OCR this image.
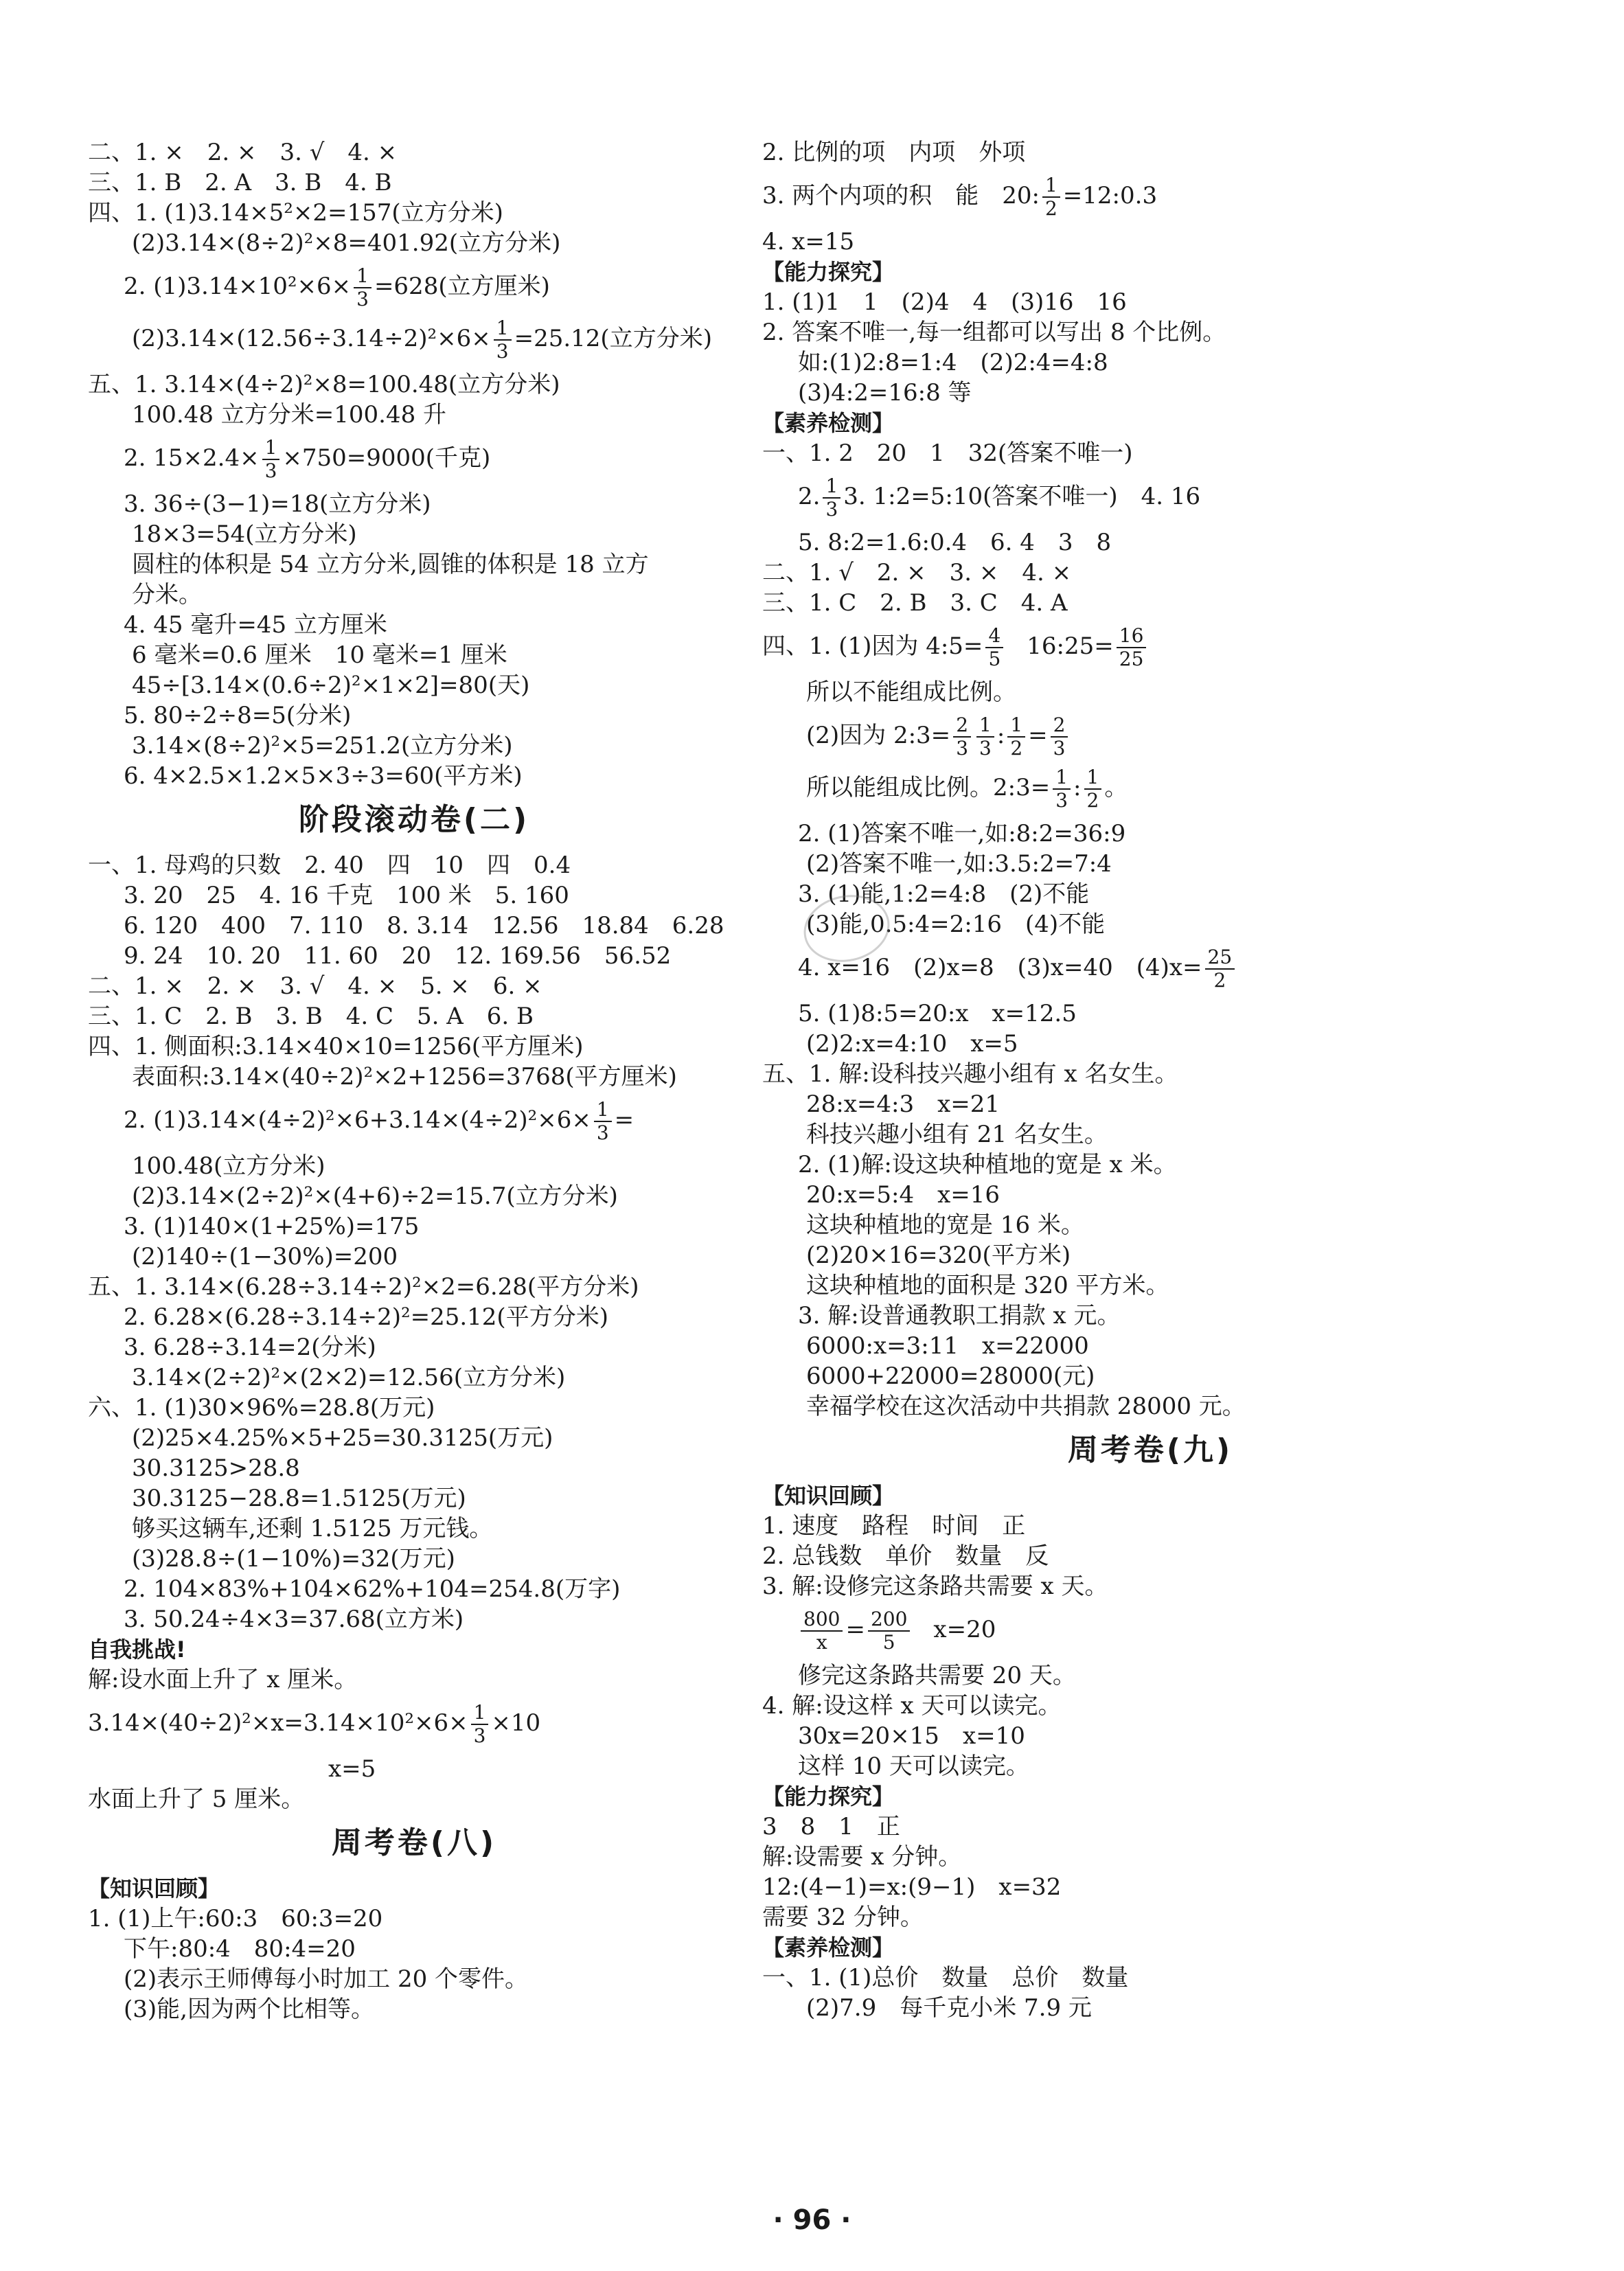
二、1. ×　2. ×　3. √　4. ×
三、1. B　2. A　3. B　4. B
四、1. (1)3.14×5²×2=157(立方分米)
(2)3.14×(8÷2)²×8=401.92(立方分米)
2. $(1)3.14\times 10^2\times 6\times \frac{1}{3} =628$(立方厘米)
$(2)3.14\times(12.56\div 3.14\div 2)^2\times 6\times \frac{1}{3} =25.12$(立方分米)
五、1. 3.14×(4÷2)²×8=100.48(立方分米)
100.48 立方分米=100.48 升
2. $15\times 2.4\times \frac{1}{3} \times 750=9000$(千克)
3. 36÷(3−1)=18(立方分米)
18×3=54(立方分米)
圆柱的体积是 54 立方分米,圆锥的体积是 18 立方
分米。
4. 45 毫升=45 立方厘米
6 毫米=0.6 厘米　10 毫米=1 厘米
45÷[3.14×(0.6÷2)²×1×2]=80(天)
5. 80÷2÷8=5(分米)
3.14×(8÷2)²×5=251.2(立方分米)
6. 4×2.5×1.2×5×3÷3=60(平方米)
阶段滚动卷(二)
一、1. 母鸡的只数　2. 40　四　10　四　0.4
3. 20　25　4. 16 千克　100 米　5. 160
6. 120　400　7. 110　8. 3.14　12.56　18.84　6.28
9. 24　10. 20　11. 60　20　12. 169.56　56.52
二、1. ×　2. ×　3. √　4. ×　5. ×　6. ×
三、1. C　2. B　3. B　4. C　5. A　6. B
四、1. 侧面积:3.14×40×10=1256(平方厘米)
表面积:3.14×(40÷2)²×2+1256=3768(平方厘米)
2. $(1)3.14\times(4\div 2)^2\times 6+3.14\times(4\div 2)^2\times 6\times \frac{1}{3}$ =
100.48(立方分米)
(2)3.14×(2÷2)²×(4+6)÷2=15.7(立方分米)
3. (1)140×(1+25%)=175
(2)140÷(1−30%)=200
五、1. 3.14×(6.28÷3.14÷2)²×2=6.28(平方分米)
2. 6.28×(6.28÷3.14÷2)²=25.12(平方分米)
3. 6.28÷3.14=2(分米)
3.14×(2÷2)²×(2×2)=12.56(立方分米)
六、1. (1)30×96%=28.8(万元)
(2)25×4.25%×5+25=30.3125(万元)
30.3125>28.8
30.3125−28.8=1.5125(万元)
够买这辆车,还剩 1.5125 万元钱。
(3)28.8÷(1−10%)=32(万元)
2. 104×83%+104×62%+104=254.8(万字)
3. 50.24÷4×3=37.68(立方米)
自我挑战!
解:设水面上升了 x 厘米。
$3.14\times(40\div 2)^2\times x=3.14\times 10^2\times 6\times \frac{1}{3} \times 10$
x=5
水面上升了 5 厘米。
周考卷(八)
【知识回顾】
1. (1)上午:60:3　60:3=20
下午:80:4　80:4=20
(2)表示王师傅每小时加工 20 个零件。
(3)能,因为两个比相等。
2. 比例的项　内项　外项
3. 两个内项的积　能　20: $\frac{1}{2}$ =12:0.3
4. x=15
【能力探究】
1. (1)1　1　(2)4　4　(3)16　16
2. 答案不唯一,每一组都可以写出 8 个比例。
如:(1)2:8=1:4　(2)2:4=4:8
(3)4:2=16:8 等
【素养检测】
一、1. 2　20　1　32(答案不唯一)
2. $\frac{1}{3} 3$. 1:2=5:10(答案不唯一)　4. 16
5. 8:2=1.6:0.4　6. 4　3　8
二、1. √　2. ×　3. ×　4. ×
三、1. C　2. B　3. C　4. A
四、1. (1)因为 4:5= $\frac{4}{5}$ 16:25= $\frac{16}{25}$
所以不能组成比例。
(2)因为 2:3= $\frac{2}{3} \frac{1}{3}$ : $\frac{1}{2} = \frac{2}{3}$
所以能组成比例。2:3= $\frac{1}{3}$ : $\frac{1}{2}$ 。
2. (1)答案不唯一,如:8:2=36:9
(2)答案不唯一,如:3.5:2=7:4
3. (1)能,1:2=4:8　(2)不能
(3)能,0.5:4=2:16　(4)不能
4. x=16　(2)x=8　(3)x=40　$(4)x= \frac{25}{2}$
5. (1)8:5=20:x　x=12.5
(2)2:x=4:10　x=5
五、1. 解:设科技兴趣小组有 x 名女生。
28:x=4:3　x=21
科技兴趣小组有 21 名女生。
2. (1)解:设这块种植地的宽是 x 米。
20:x=5:4　x=16
这块种植地的宽是 16 米。
(2)20×16=320(平方米)
这块种植地的面积是 320 平方米。
3. 解:设普通教职工捐款 x 元。
6000:x=3:11　x=22000
6000+22000=28000(元)
幸福学校在这次活动中共捐款 28000 元。
周考卷(九)
【知识回顾】
1. 速度　路程　时间　正
2. 总钱数　单价　数量　反
3. 解:设修完这条路共需要 x 天。
$\frac{800}{x} = \frac{200}{5} x=20$
修完这条路共需要 20 天。
4. 解:设这样 x 天可以读完。
30x=20×15　x=10
这样 10 天可以读完。
【能力探究】
3　8　1　正
解:设需要 x 分钟。
12:(4−1)=x:(9−1)　x=32
需要 32 分钟。
【素养检测】
一、1. (1)总价　数量　总价　数量
(2)7.9　每千克小米 7.9 元
· 96 ·
